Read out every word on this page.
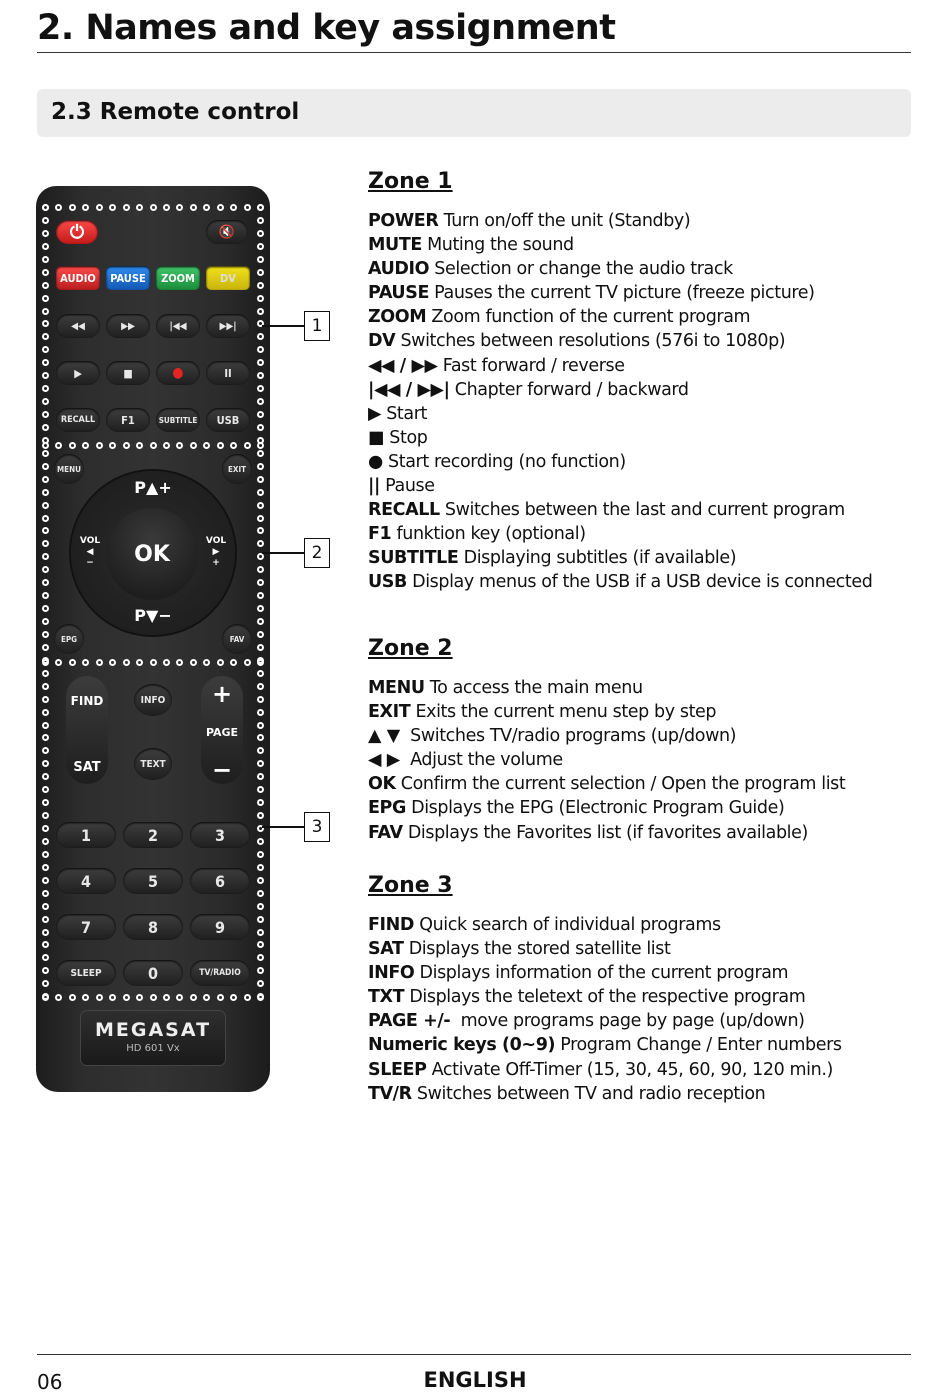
2. Names and key assignment
2.3 Remote control
⏻	🔇
AUDIO	PAUSE	ZOOM	DV
◀◀	▶▶	|◀◀	▶▶|
▶	■	●	II
RECALL	F1	SUBTITLE	USB
MENU	EXIT
P▲+
P▼−
VOL
◀
−
VOL
▶
+
OK
EPG	FAV
FIND
SAT
INFO
TEXT
+
PAGE
−
1	2	3
4	5	6
7	8	9
SLEEP	0	TV/RADIO
MEGASAT
HD 601 Vx
1
2
3
Zone 1
POWER Turn on/off the unit (Standby)
MUTE Muting the sound
AUDIO Selection or change the audio track
PAUSE Pauses the current TV picture (freeze picture)
ZOOM Zoom function of the current program
DV Switches between resolutions (576i to 1080p)
◀◀ / ▶▶ Fast forward / reverse
|◀◀ / ▶▶| Chapter forward / backward
▶ Start
■ Stop
● Start recording (no function)
|| Pause
RECALL Switches between the last and current program
F1 funktion key (optional)
SUBTITLE Displaying subtitles (if available)
USB Display menus of the USB if a USB device is connected
Zone 2
MENU To access the main menu
EXIT Exits the current menu step by step
▲ ▼  Switches TV/radio programs (up/down)
◀ ▶  Adjust the volume
OK Confirm the current selection / Open the program list
EPG Displays the EPG (Electronic Program Guide)
FAV Displays the Favorites list (if favorites available)
Zone 3
FIND Quick search of individual programs
SAT Displays the stored satellite list
INFO Displays information of the current program
TXT Displays the teletext of the respective program
PAGE +/-  move programs page by page (up/down)
Numeric keys (0~9) Program Change / Enter numbers
SLEEP Activate Off-Timer (15, 30, 45, 60, 90, 120 min.)
TV/R Switches between TV and radio reception
06	ENGLISH
